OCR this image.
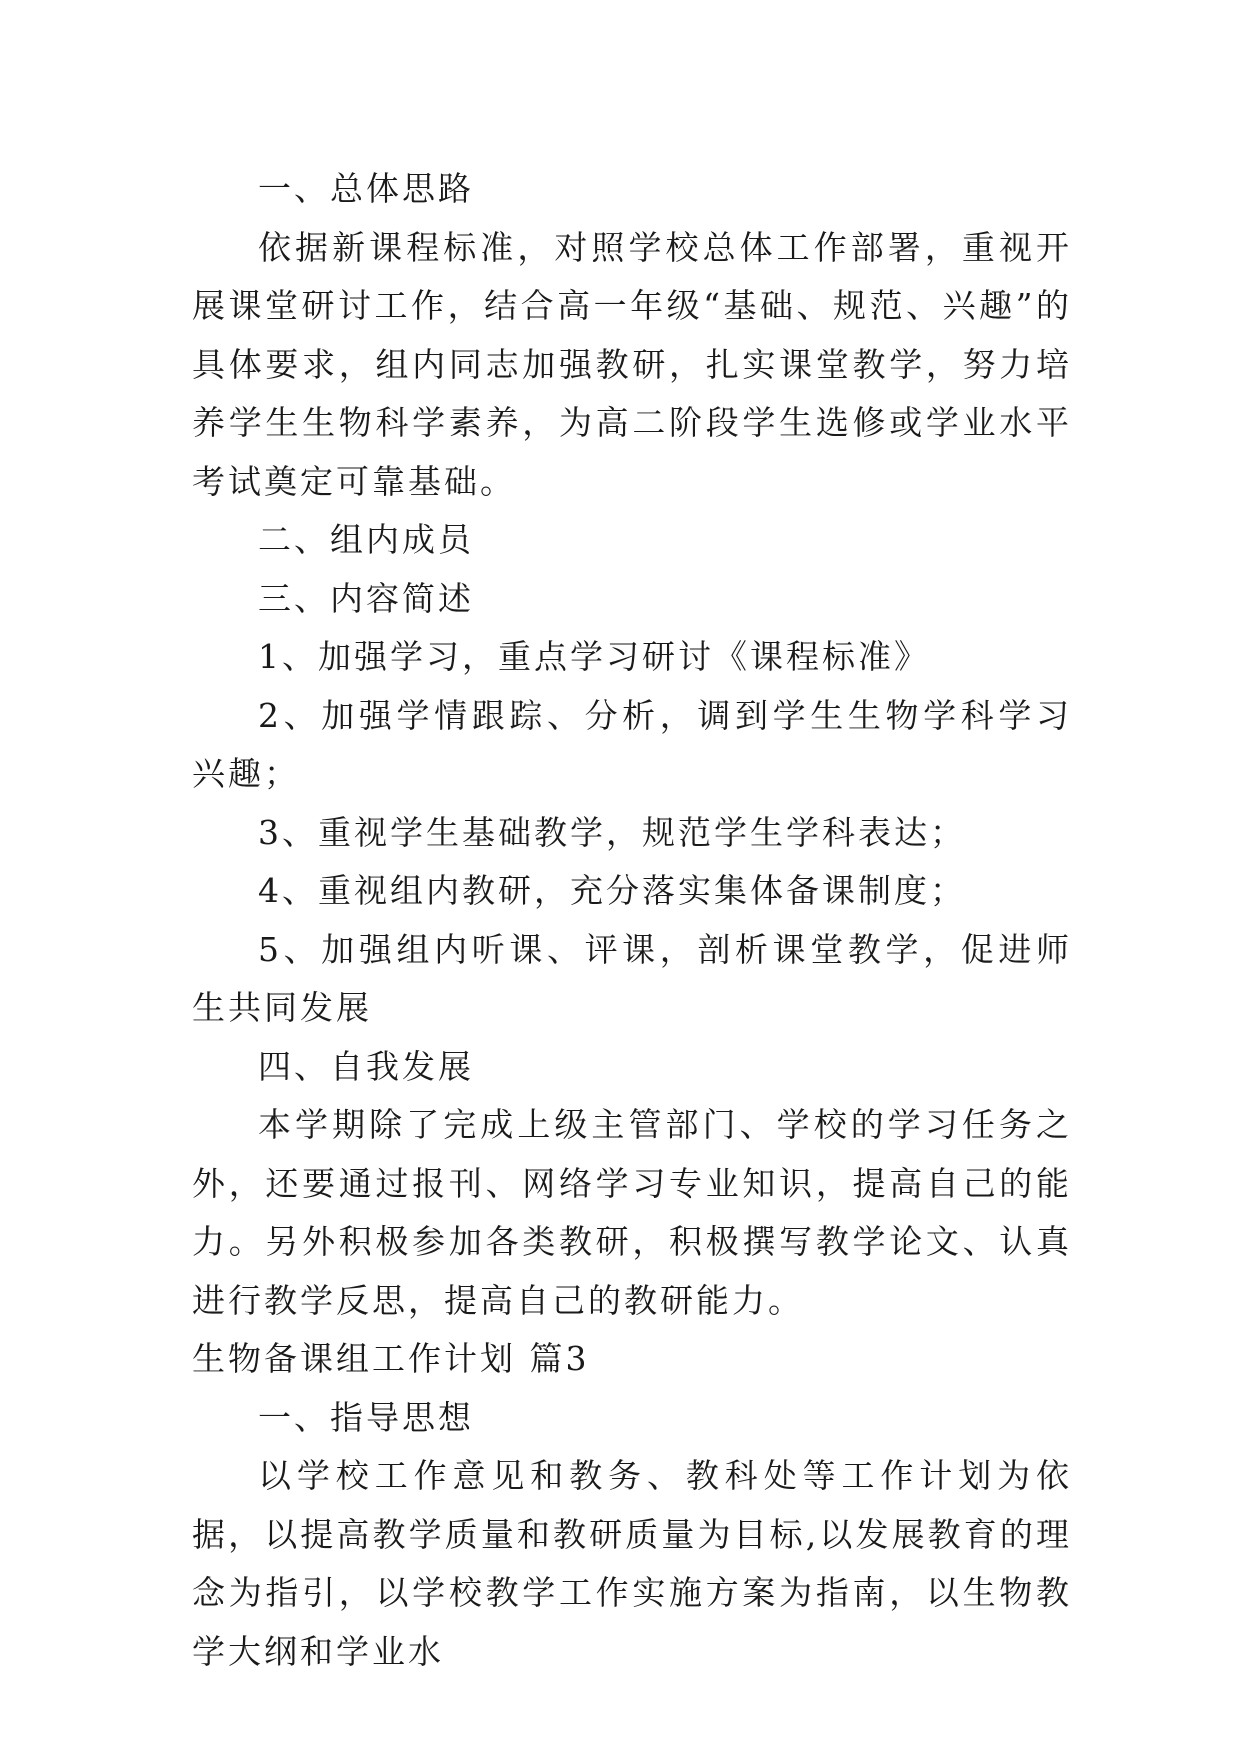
一、总体思路

依据新课程标准，对照学校总体工作部署，重视开展课堂研讨工作，结合高一年级“基础、规范、兴趣”的具体要求，组内同志加强教研，扎实课堂教学，努力培养学生生物科学素养，为高二阶段学生选修或学业水平考试奠定可靠基础。

二、组内成员

三、内容简述

1、加强学习，重点学习研讨《课程标准》

2、加强学情跟踪、分析，调到学生生物学科学习兴趣；

3、重视学生基础教学，规范学生学科表达；

4、重视组内教研，充分落实集体备课制度；

5、加强组内听课、评课，剖析课堂教学，促进师生共同发展

四、自我发展

本学期除了完成上级主管部门、学校的学习任务之外，还要通过报刊、网络学习专业知识，提高自己的能力。另外积极参加各类教研，积极撰写教学论文、认真进行教学反思，提高自己的教研能力。

生物备课组工作计划 篇3

一、指导思想

以学校工作意见和教务、教科处等工作计划为依据，以提高教学质量和教研质量为目标,以发展教育的理念为指引，以学校教学工作实施方案为指南，以生物教学大纲和学业水
